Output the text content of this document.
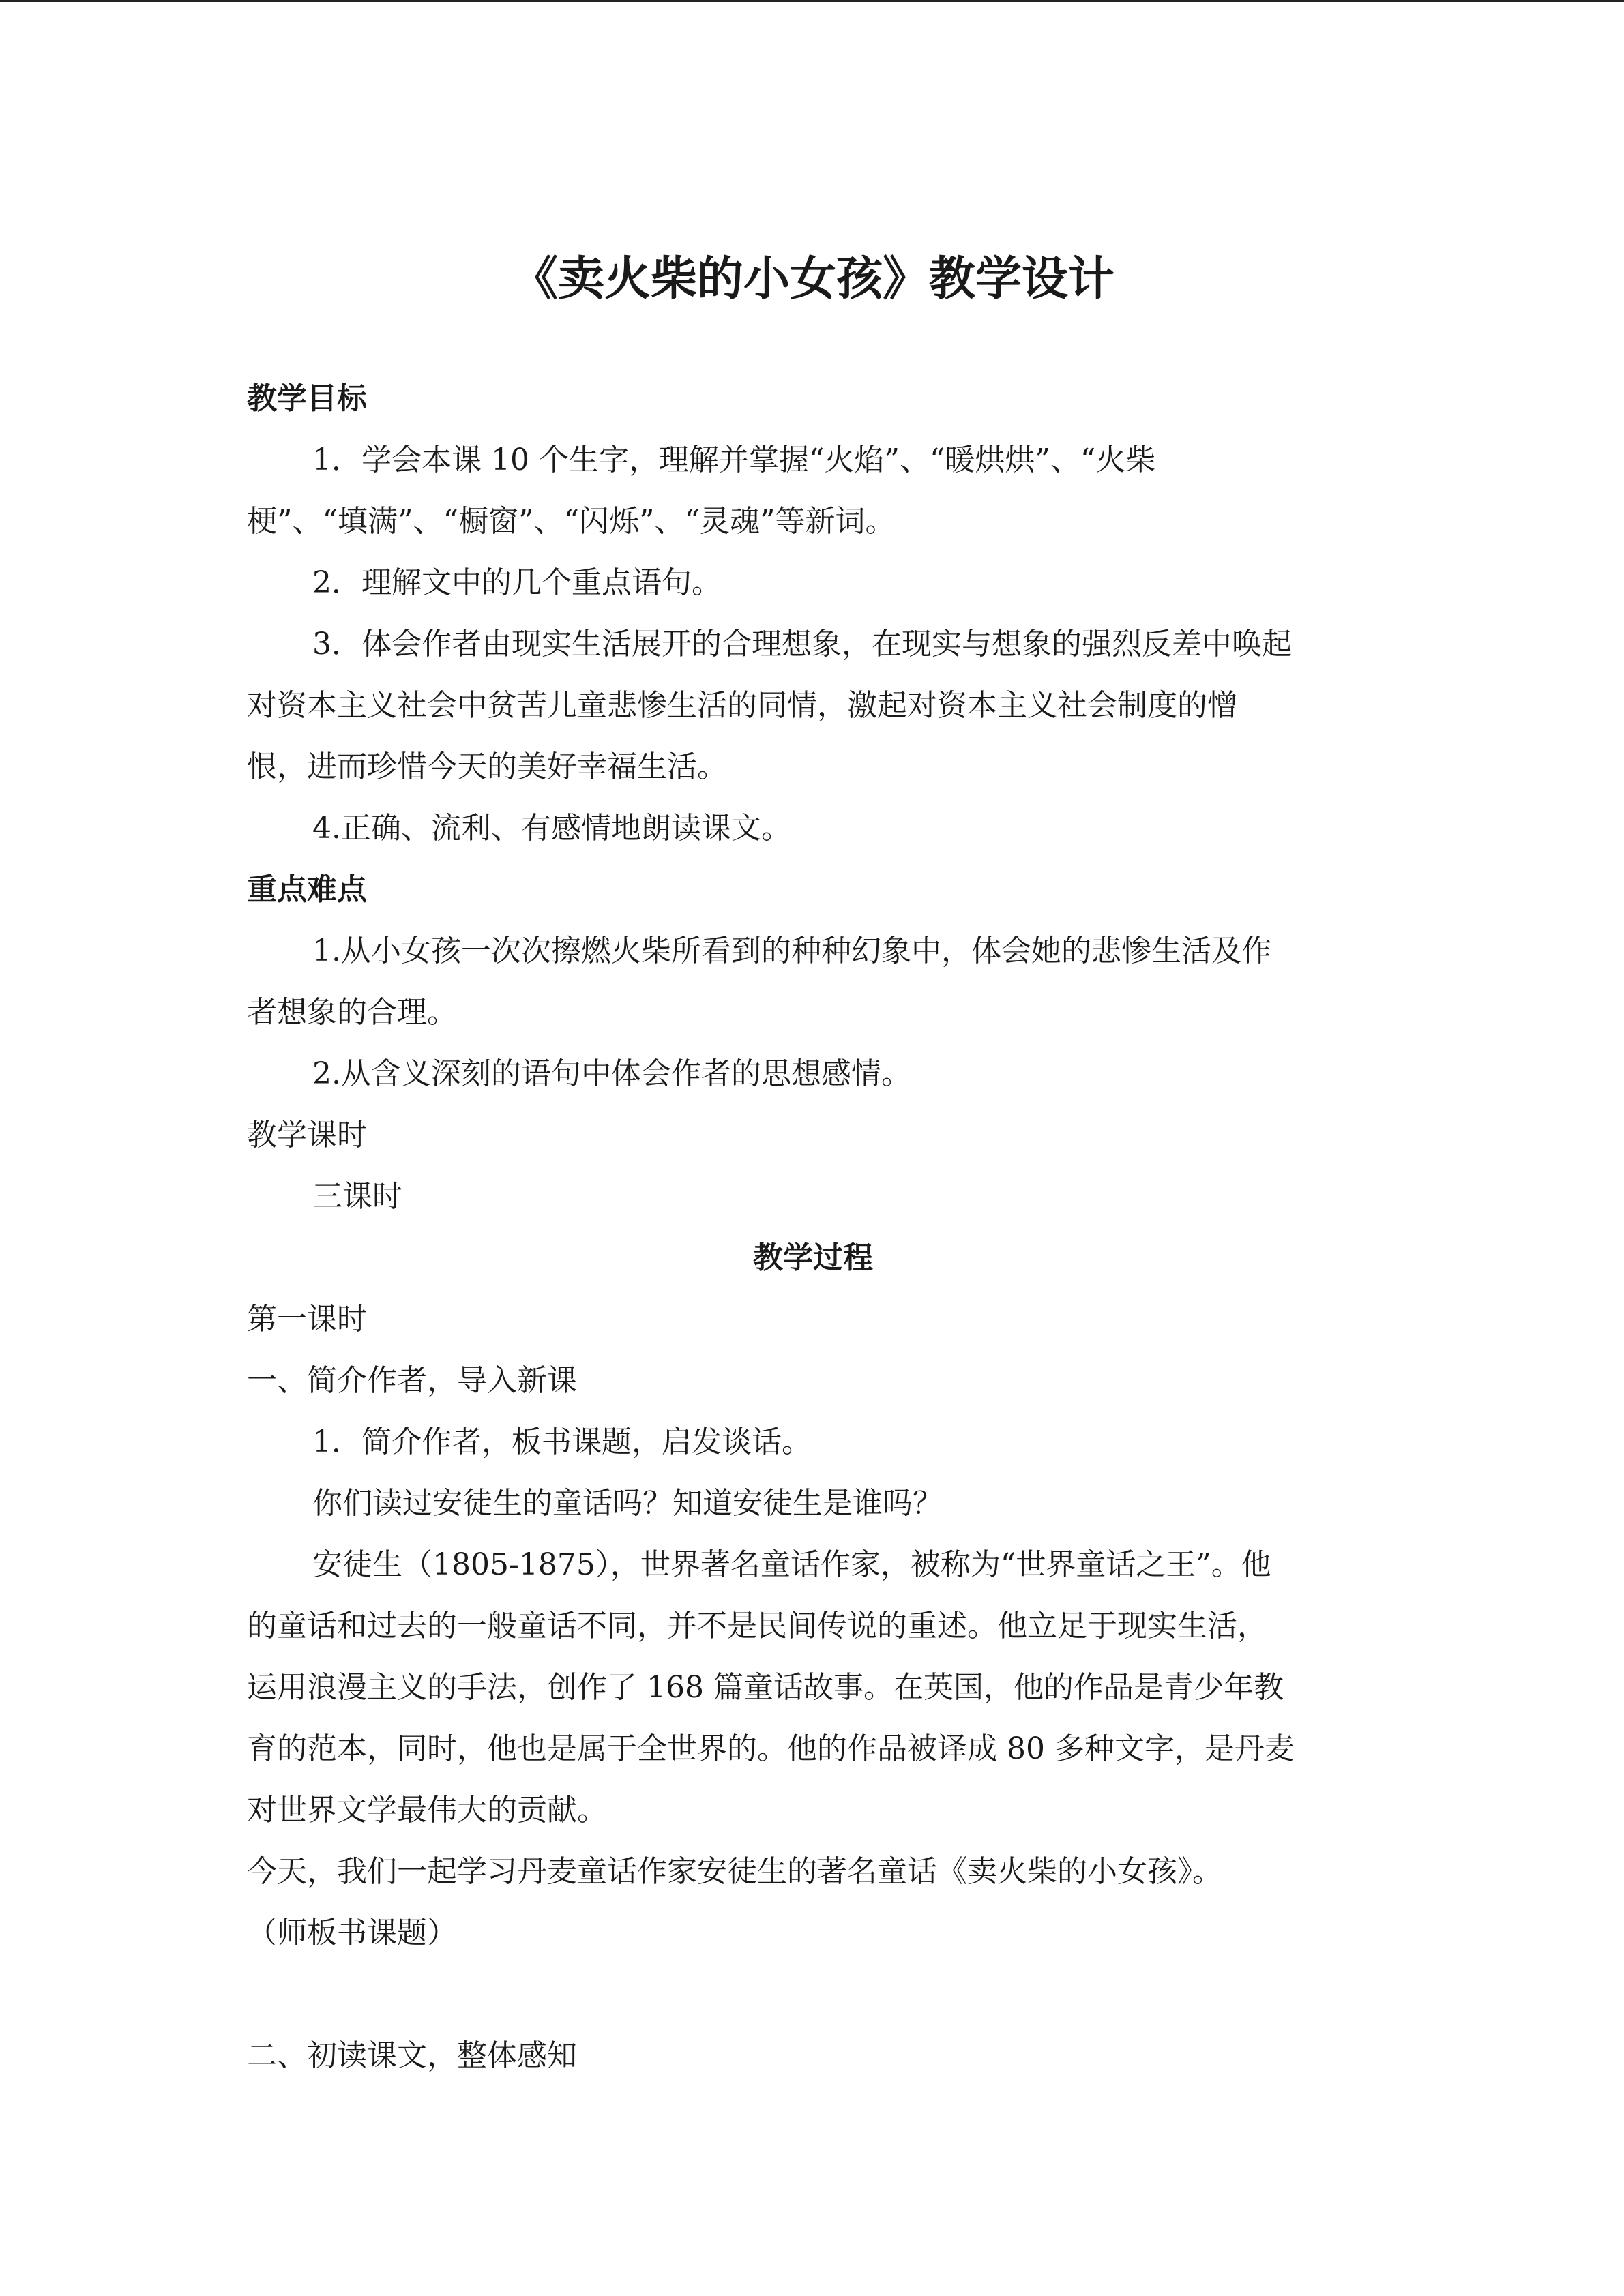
《卖火柴的小女孩》教学设计
教学目标
1．学会本课 10 个生字，理解并掌握“火焰”、“暖烘烘”、“火柴
梗”、“填满”、“橱窗”、“闪烁”、“灵魂”等新词。
2．理解文中的几个重点语句。
3．体会作者由现实生活展开的合理想象，在现实与想象的强烈反差中唤起
对资本主义社会中贫苦儿童悲惨生活的同情，激起对资本主义社会制度的憎
恨，进而珍惜今天的美好幸福生活。
4.正确、流利、有感情地朗读课文。
重点难点
1.从小女孩一次次擦燃火柴所看到的种种幻象中，体会她的悲惨生活及作
者想象的合理。
2.从含义深刻的语句中体会作者的思想感情。
教学课时
三课时
教学过程
第一课时
一、简介作者，导入新课
1．简介作者，板书课题，启发谈话。
你们读过安徒生的童话吗？知道安徒生是谁吗？
安徒生（1805-1875），世界著名童话作家，被称为“世界童话之王”。他
的童话和过去的一般童话不同，并不是民间传说的重述。他立足于现实生活，
运用浪漫主义的手法，创作了 168 篇童话故事。在英国，他的作品是青少年教
育的范本，同时，他也是属于全世界的。他的作品被译成 80 多种文字，是丹麦
对世界文学最伟大的贡献。
今天，我们一起学习丹麦童话作家安徒生的著名童话《卖火柴的小女孩》。
（师板书课题）
二、初读课文，整体感知
